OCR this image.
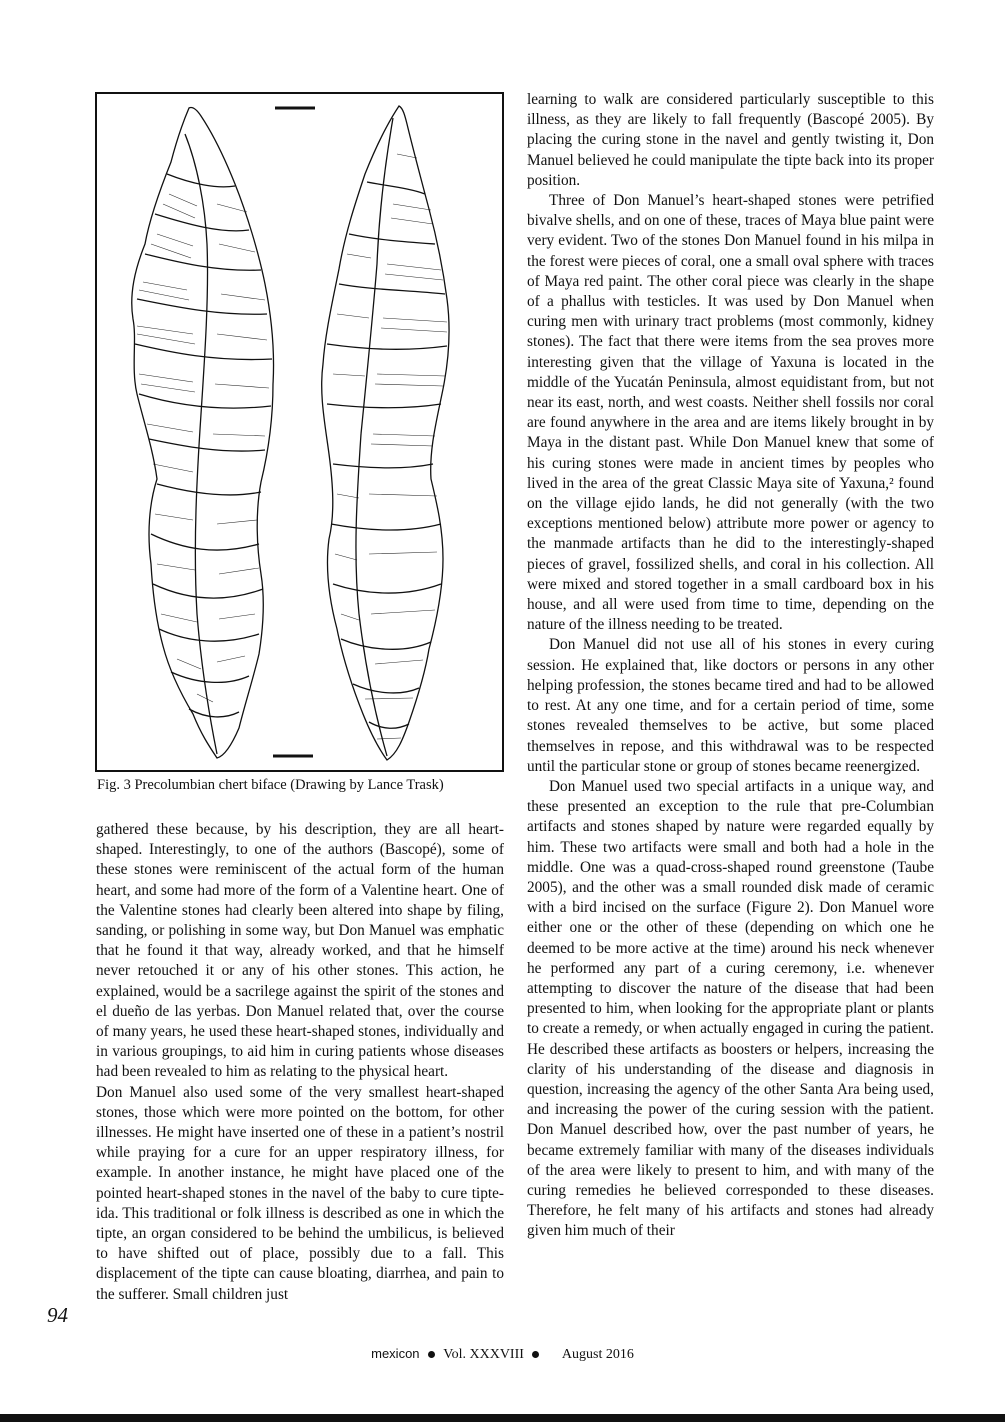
Fig. 3 Precolumbian chert biface (Drawing by Lance Trask)

gathered these because, by his description, they are all heart-shaped. Interestingly, to one of the authors (Bascopé), some of these stones were reminiscent of the actual form of the human heart, and some had more of the form of a Valentine heart. One of the Valentine stones had clearly been altered into shape by filing, sanding, or polishing in some way, but Don Manuel was emphatic that he found it that way, already worked, and that he himself never retouched it or any of his other stones. This action, he explained, would be a sacrilege against the spirit of the stones and el dueño de las yerbas. Don Manuel related that, over the course of many years, he used these heart-shaped stones, individually and in various groupings, to aid him in curing patients whose diseases had been revealed to him as relating to the physical heart.

Don Manuel also used some of the very smallest heart-shaped stones, those which were more pointed on the bottom, for other illnesses. He might have inserted one of these in a patient’s nostril while praying for a cure for an upper respiratory illness, for example. In another instance, he might have placed one of the pointed heart-shaped stones in the navel of the baby to cure tipte-ida. This traditional or folk illness is described as one in which the tipte, an organ considered to be behind the umbilicus, is believed to have shifted out of place, possibly due to a fall. This displacement of the tipte can cause bloating, diarrhea, and pain to the sufferer. Small children just

learning to walk are considered particularly susceptible to this illness, as they are likely to fall frequently (Bascopé 2005). By placing the curing stone in the navel and gently twisting it, Don Manuel believed he could manipulate the tipte back into its proper position.

Three of Don Manuel’s heart-shaped stones were petrified bivalve shells, and on one of these, traces of Maya blue paint were very evident. Two of the stones Don Manuel found in his milpa in the forest were pieces of coral, one a small oval sphere with traces of Maya red paint. The other coral piece was clearly in the shape of a phallus with testicles. It was used by Don Manuel when curing men with urinary tract problems (most commonly, kidney stones). The fact that there were items from the sea proves more interesting given that the village of Yaxuna is located in the middle of the Yucatán Peninsula, almost equidistant from, but not near its east, north, and west coasts. Neither shell fossils nor coral are found anywhere in the area and are items likely brought in by Maya in the distant past. While Don Manuel knew that some of his curing stones were made in ancient times by peoples who lived in the area of the great Classic Maya site of Yaxuna,² found on the village ejido lands, he did not generally (with the two exceptions mentioned below) attribute more power or agency to the manmade artifacts than he did to the interestingly-shaped pieces of gravel, fossilized shells, and coral in his collection. All were mixed and stored together in a small cardboard box in his house, and all were used from time to time, depending on the nature of the illness needing to be treated.

Don Manuel did not use all of his stones in every curing session. He explained that, like doctors or persons in any other helping profession, the stones became tired and had to be allowed to rest. At any one time, and for a certain period of time, some stones revealed themselves to be active, but some placed themselves in repose, and this withdrawal was to be respected until the particular stone or group of stones became reenergized.

Don Manuel used two special artifacts in a unique way, and these presented an exception to the rule that pre-Columbian artifacts and stones shaped by nature were regarded equally by him. These two artifacts were small and both had a hole in the middle. One was a quad-cross-shaped round greenstone (Taube 2005), and the other was a small rounded disk made of ceramic with a bird incised on the surface (Figure 2). Don Manuel wore either one or the other of these (depending on which one he deemed to be more active at the time) around his neck whenever he performed any part of a curing ceremony, i.e. whenever attempting to discover the nature of the disease that had been presented to him, when looking for the appropriate plant or plants to create a remedy, or when actually engaged in curing the patient. He described these artifacts as boosters or helpers, increasing the clarity of his understanding of the disease and diagnosis in question, increasing the agency of the other Santa Ara being used, and increasing the power of the curing session with the patient. Don Manuel described how, over the past number of years, he became extremely familiar with many of the diseases individuals of the area were likely to present to him, and with many of the curing remedies he believed corresponded to these diseases. Therefore, he felt many of his artifacts and stones had already given him much of their

94
mexicon Vol. XXXVIII	August 2016
